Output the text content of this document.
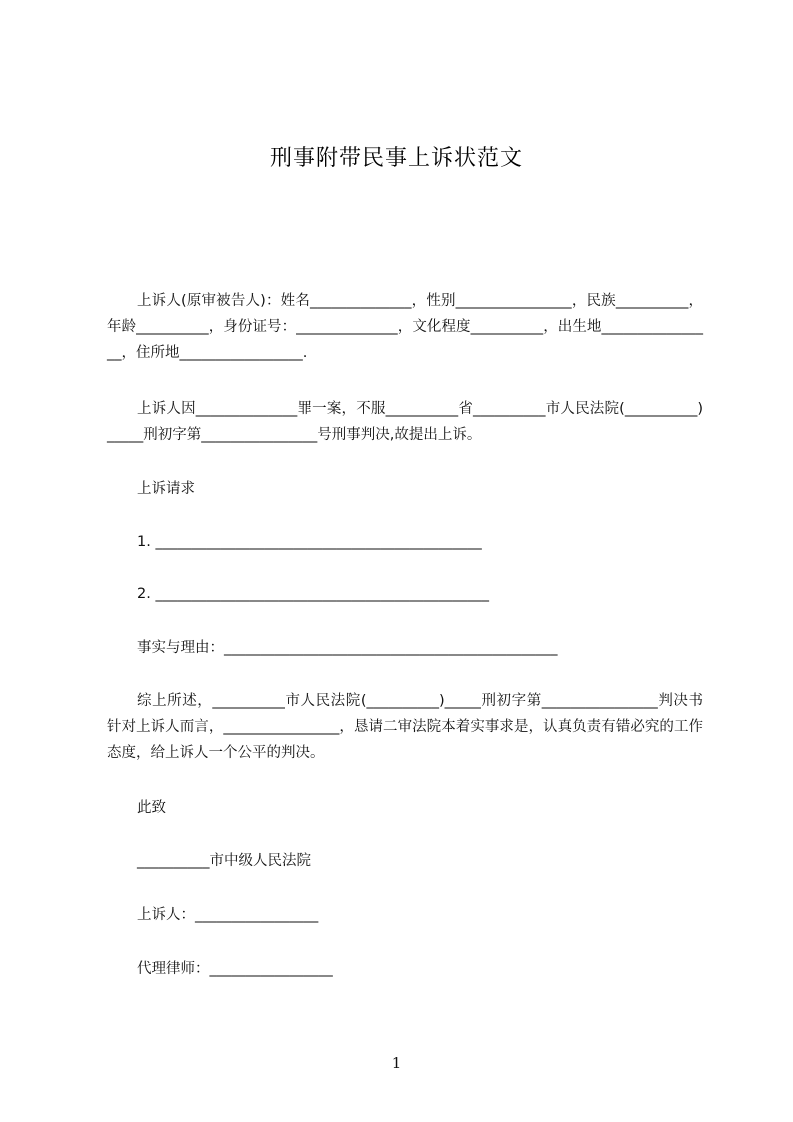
刑事附带民事上诉状范文
上诉人(原审被告人)：姓名______________，性别________________，民族__________，年龄__________，身份证号：______________，文化程度__________，出生地________________，住所地_________________.
上诉人因______________罪一案，不服__________省__________市人民法院(__________)_____刑初字第________________号刑事判决,故提出上诉。
上诉请求
1. _____________________________________________
2. ______________________________________________
事实与理由：______________________________________________
综上所述，__________市人民法院(__________)_____刑初字第________________判决书针对上诉人而言，________________，恳请二审法院本着实事求是，认真负责有错必究的工作态度，给上诉人一个公平的判决。
此致
__________市中级人民法院
上诉人：_________________
代理律师：_________________
1
